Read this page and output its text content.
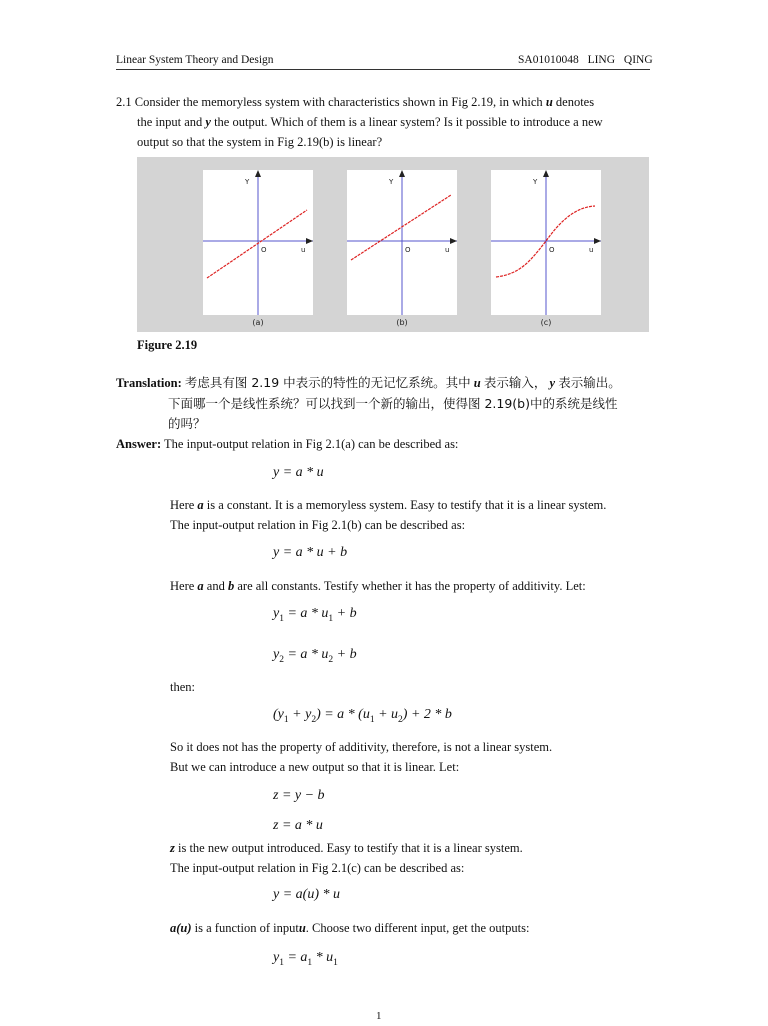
Linear System Theory and Design	SA01010048 LING QING
2.1 Consider the memoryless system with characteristics shown in Fig 2.19, in which u denotes
the input and y the output. Which of them is a linear system? Is it possible to introduce a new
output so that the system in Fig 2.19(b) is linear?
Y
u
O
(a)
Y
u
O
(b)
Y
u
O
(c)
Figure 2.19
Translation: 考虑具有图 2.19 中表示的特性的无记忆系统。其中 u 表示输入， y 表示输出。
下面哪一个是线性系统？可以找到一个新的输出，使得图 2.19(b)中的系统是线性
的吗？
Answer: The input-output relation in Fig 2.1(a) can be described as:
y = a * u
Here a is a constant. It is a memoryless system. Easy to testify that it is a linear system.
The input-output relation in Fig 2.1(b) can be described as:
y = a * u + b
Here a and b are all constants. Testify whether it has the property of additivity. Let:
$y_1 = a * u_1 + b$
$y_2 = a * u_2 + b$
then:
$(y_1 + y_2) = a * (u_1 + u_2) + 2 * b$
So it does not has the property of additivity, therefore, is not a linear system.
But we can introduce a new output so that it is linear. Let:
z = y − b
z = a * u
z is the new output introduced. Easy to testify that it is a linear system.
The input-output relation in Fig 2.1(c) can be described as:
y = a(u) * u
a(u) is a function of inputu. Choose two different input, get the outputs:
$y_1 = a_1 * u_1$
1
